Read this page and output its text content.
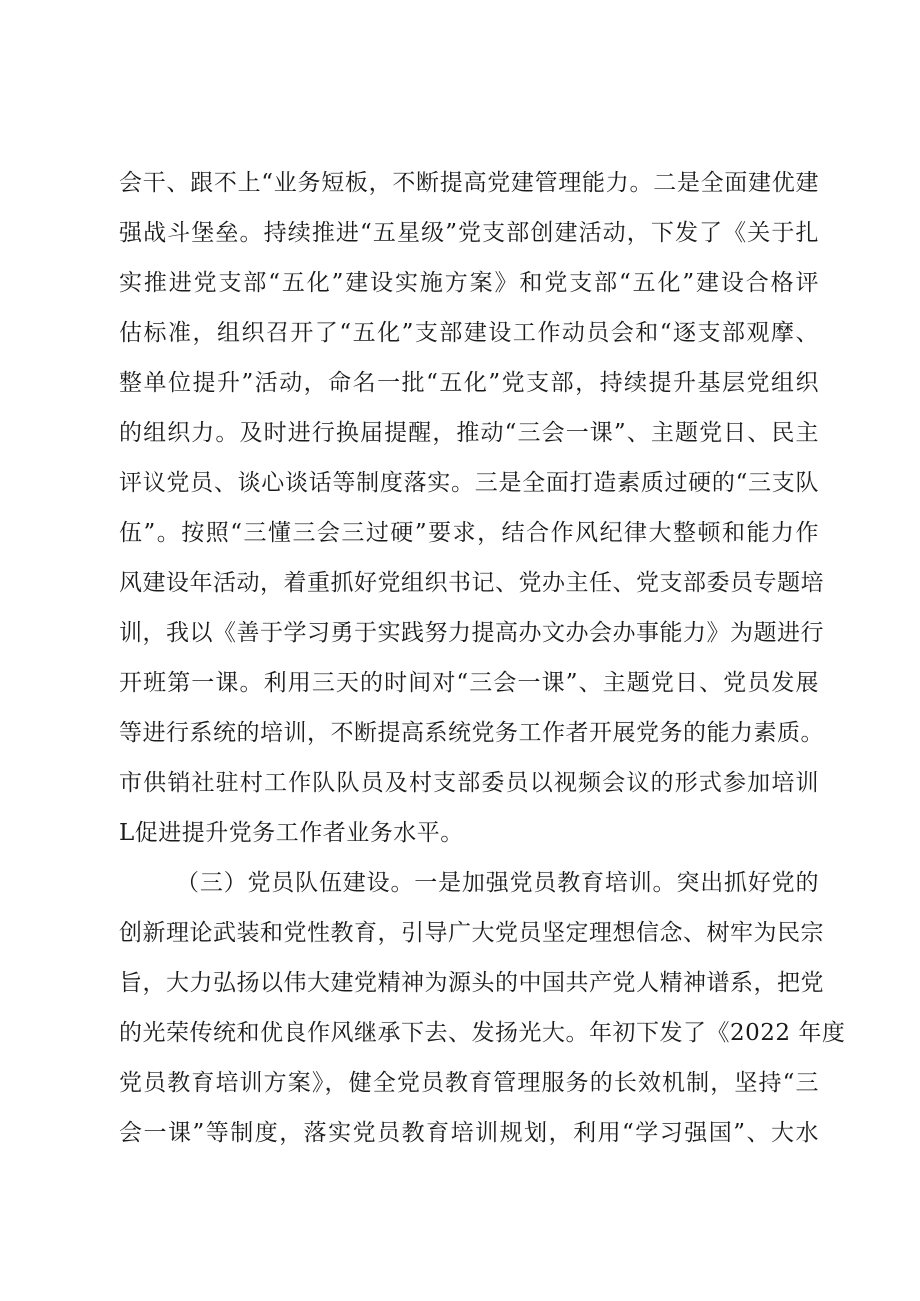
会干、跟不上“业务短板，不断提高党建管理能力。二是全面建优建
强战斗堡垒。持续推进“五星级”党支部创建活动，下发了《关于扎
实推进党支部“五化”建设实施方案》和党支部“五化”建设合格评
估标准，组织召开了“五化”支部建设工作动员会和“逐支部观摩、
整单位提升”活动，命名一批“五化”党支部，持续提升基层党组织
的组织力。及时进行换届提醒，推动“三会一课”、主题党日、民主
评议党员、谈心谈话等制度落实。三是全面打造素质过硬的“三支队
伍”。按照“三懂三会三过硬”要求，结合作风纪律大整顿和能力作
风建设年活动，着重抓好党组织书记、党办主任、党支部委员专题培
训，我以《善于学习勇于实践努力提高办文办会办事能力》为题进行
开班第一课。利用三天的时间对“三会一课”、主题党日、党员发展
等进行系统的培训，不断提高系统党务工作者开展党务的能力素质。
市供销社驻村工作队队员及村支部委员以视频会议的形式参加培训
L促进提升党务工作者业务水平。
（三）党员队伍建设。一是加强党员教育培训。突出抓好党的
创新理论武装和党性教育，引导广大党员坚定理想信念、树牢为民宗
旨，大力弘扬以伟大建党精神为源头的中国共产党人精神谱系，把党
的光荣传统和优良作风继承下去、发扬光大。年初下发了《2022 年度
党员教育培训方案》，健全党员教育管理服务的长效机制，坚持“三
会一课”等制度，落实党员教育培训规划，利用“学习强国”、大水
